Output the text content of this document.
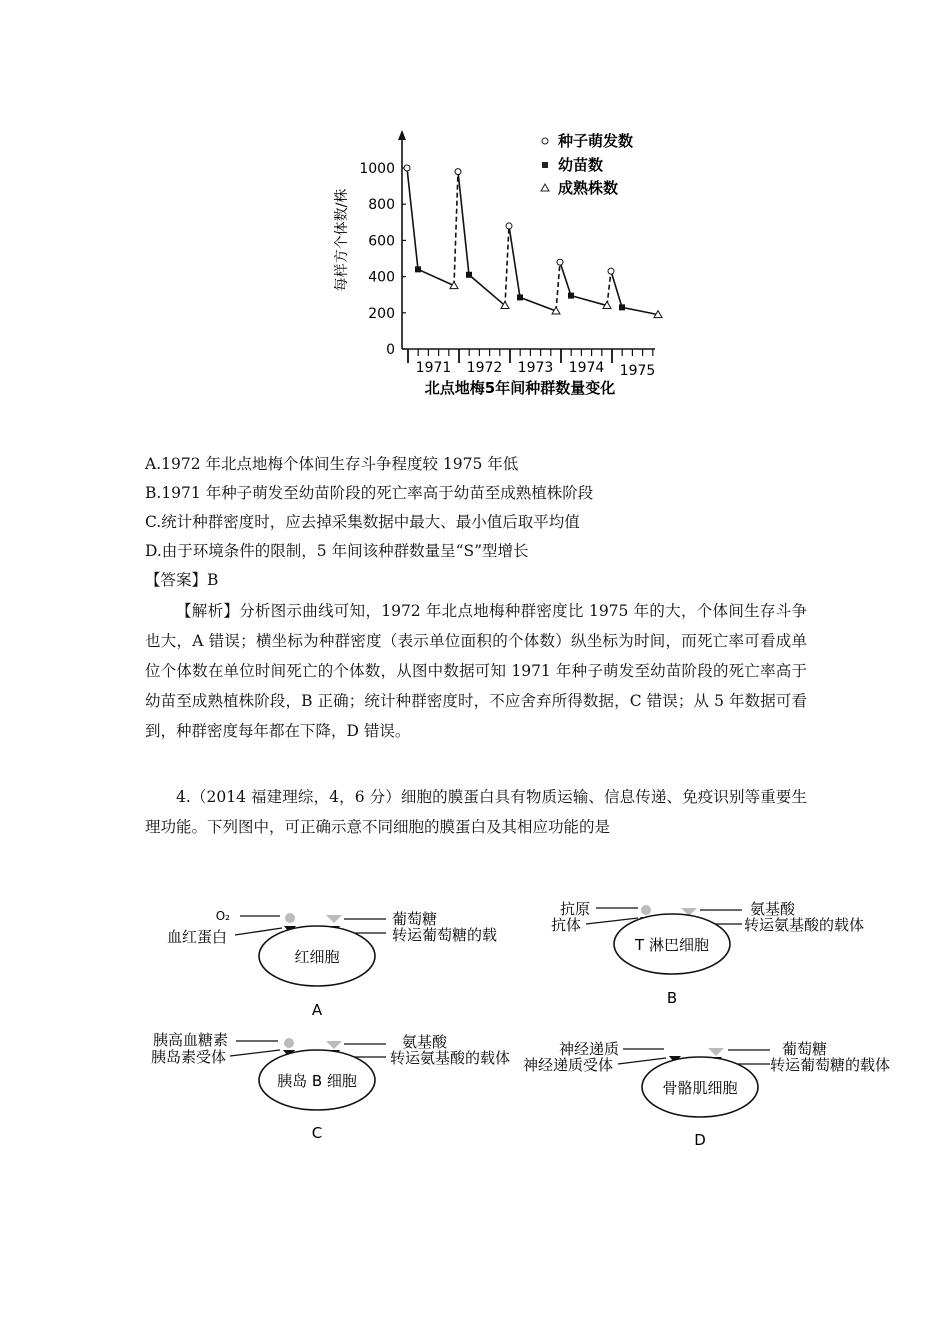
0
200
400
600
800
1000
每样方个体数/株
1971 1972 1973 1974 1975
种子萌发数
幼苗数
成熟株数
北点地梅5年间种群数量变化
A.1972 年北点地梅个体间生存斗争程度较 1975 年低
B.1971 年种子萌发至幼苗阶段的死亡率高于幼苗至成熟植株阶段
C.统计种群密度时，应去掉采集数据中最大、最小值后取平均值
D.由于环境条件的限制，5 年间该种群数量呈“S”型增长
【答案】B
【解析】分析图示曲线可知，1972 年北点地梅种群密度比 1975 年的大，个体间生存斗争也大，A 错误；横坐标为种群密度（表示单位面积的个体数）纵坐标为时间，而死亡率可看成单位个体数在单位时间死亡的个体数，从图中数据可知 1971 年种子萌发至幼苗阶段的死亡率高于幼苗至成熟植株阶段，B 正确；统计种群密度时，不应舍弃所得数据，C 错误；从 5 年数据可看到，种群密度每年都在下降，D 错误。
4.（2014 福建理综，4，6 分）细胞的膜蛋白具有物质运输、信息传递、免疫识别等重要生理功能。下列图中，可正确示意不同细胞的膜蛋白及其相应功能的是
O₂
血红蛋白
葡萄糖
转运葡萄糖的载
红细胞
A
抗原
抗体
氨基酸
转运氨基酸的载体
T 淋巴细胞
B
胰高血糖素
胰岛素受体
氨基酸
转运氨基酸的载体
胰岛 B 细胞
C
神经递质
神经递质受体
葡萄糖
转运葡萄糖的载体
骨骼肌细胞
D
